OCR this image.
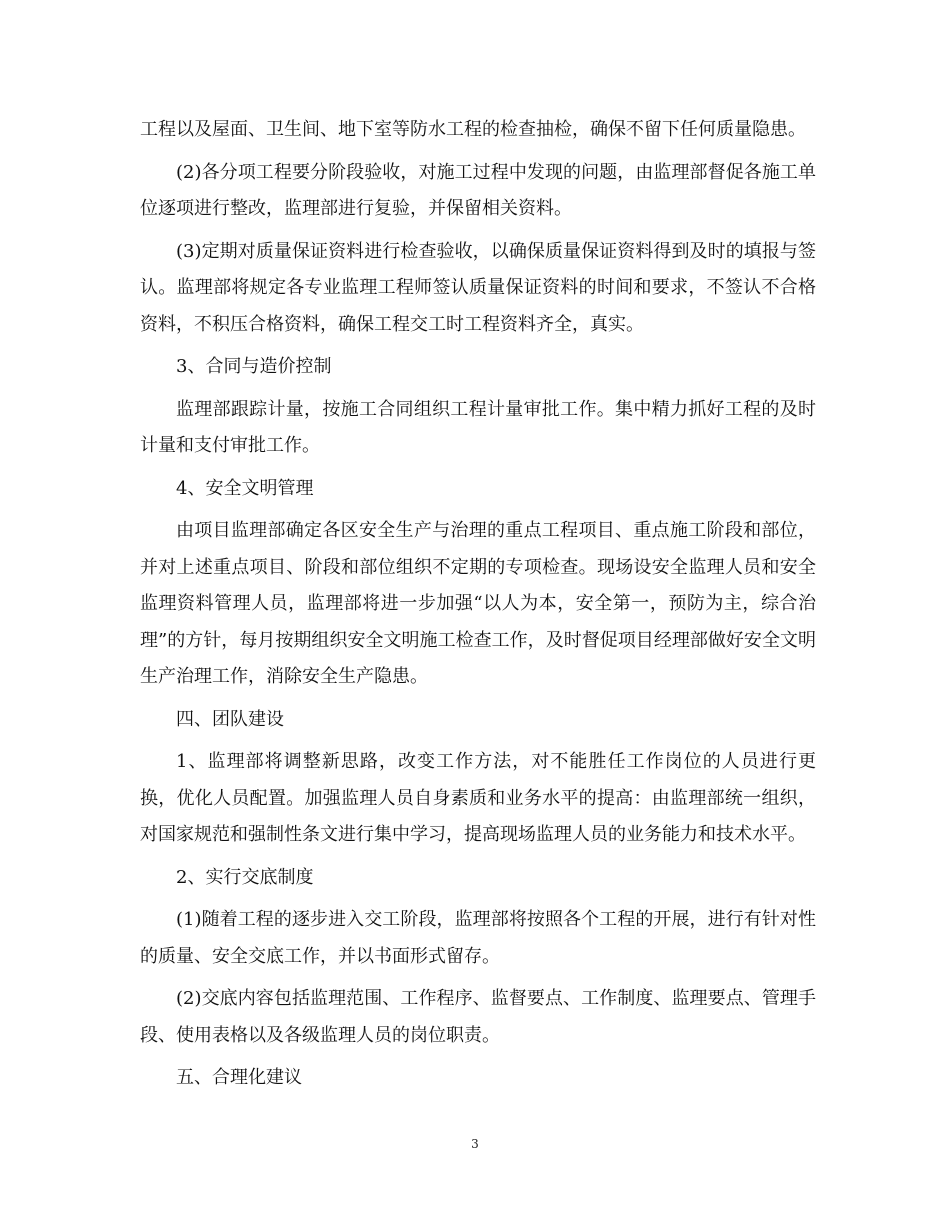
工程以及屋面、卫生间、地下室等防水工程的检查抽检，确保不留下任何质量隐患。

(2)各分项工程要分阶段验收，对施工过程中发现的问题，由监理部督促各施工单位逐项进行整改，监理部进行复验，并保留相关资料。

(3)定期对质量保证资料进行检查验收，以确保质量保证资料得到及时的填报与签认。监理部将规定各专业监理工程师签认质量保证资料的时间和要求，不签认不合格资料，不积压合格资料，确保工程交工时工程资料齐全，真实。

3、合同与造价控制

监理部跟踪计量，按施工合同组织工程计量审批工作。集中精力抓好工程的及时计量和支付审批工作。

4、安全文明管理

由项目监理部确定各区安全生产与治理的重点工程项目、重点施工阶段和部位，并对上述重点项目、阶段和部位组织不定期的专项检查。现场设安全监理人员和安全监理资料管理人员，监理部将进一步加强“以人为本，安全第一，预防为主，综合治理”的方针，每月按期组织安全文明施工检查工作，及时督促项目经理部做好安全文明生产治理工作，消除安全生产隐患。

四、团队建设

1、监理部将调整新思路，改变工作方法，对不能胜任工作岗位的人员进行更换，优化人员配置。加强监理人员自身素质和业务水平的提高：由监理部统一组织，对国家规范和强制性条文进行集中学习，提高现场监理人员的业务能力和技术水平。

2、实行交底制度

(1)随着工程的逐步进入交工阶段，监理部将按照各个工程的开展，进行有针对性的质量、安全交底工作，并以书面形式留存。

(2)交底内容包括监理范围、工作程序、监督要点、工作制度、监理要点、管理手段、使用表格以及各级监理人员的岗位职责。

五、合理化建议

3
